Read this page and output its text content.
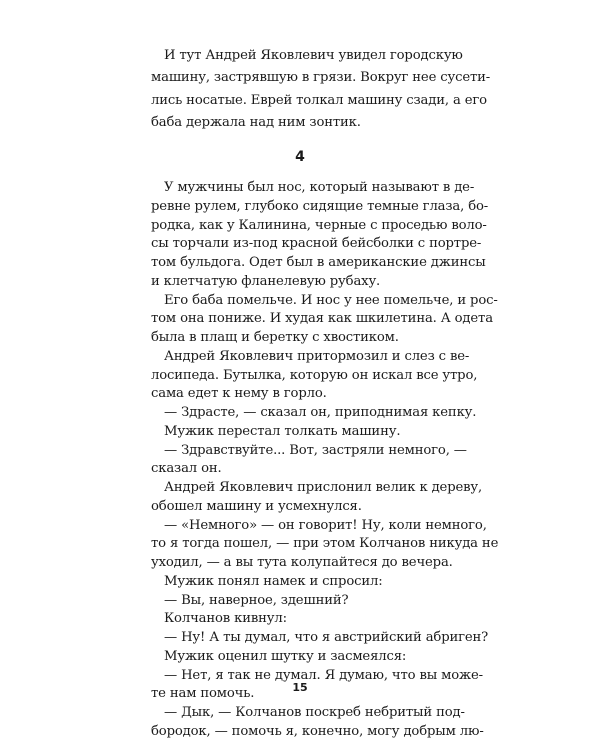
И тут Андрей Яковлевич увидел городскую
машину, застрявшую в грязи. Вокруг нее сусети-
лись носатые. Еврей толкал машину сзади, а его
баба держала над ним зонтик.
4
У мужчины был нос, который называют в де-
ревне рулем, глубоко сидящие темные глаза, бо-
родка, как у Калинина, черные с проседью воло-
сы торчали из-под красной бейсболки с портре-
том бульдога. Одет был в американские джинсы
и клетчатую фланелевую рубаху.
Его баба помельче. И нос у нее помельче, и рос-
том она пониже. И худая как шкилетина. А одета
была в плащ и беретку с хвостиком.
Андрей Яковлевич притормозил и слез с ве-
лосипеда. Бутылка, которую он искал все утро,
сама едет к нему в горло.
— Здрасте, — сказал он, приподнимая кепку.
Мужик перестал толкать машину.
— Здравствуйте... Вот, застряли немного, —
сказал он.
Андрей Яковлевич прислонил велик к дереву,
обошел машину и усмехнулся.
— «Немного» — он говорит! Ну, коли немного,
то я тогда пошел, — при этом Колчанов никуда не
уходил, — а вы тута колупайтеся до вечера.
Мужик понял намек и спросил:
— Вы, наверное, здешний?
Колчанов кивнул:
— Ну! А ты думал, что я австрийский абриген?
Мужик оценил шутку и засмеялся:
— Нет, я так не думал. Я думаю, что вы може-
те нам помочь.
— Дык, — Колчанов поскреб небритый под-
бородок, — помочь я, конечно, могу добрым лю-
15
